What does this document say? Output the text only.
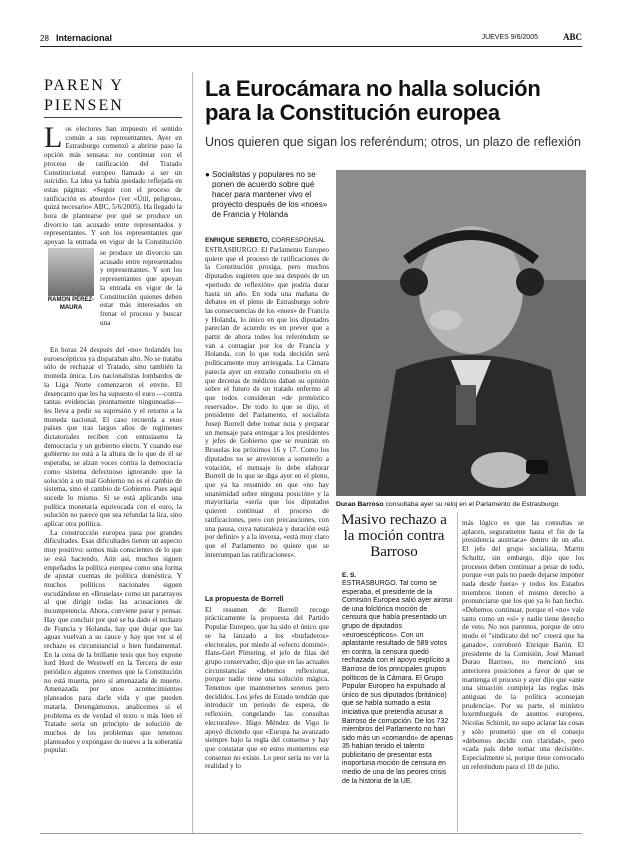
28 Internacional	JUEVES 9/6/2005	ABC
PAREN Y PIENSEN
Los electores han impuesto el sentido común a sus representantes. Ayer en Estrasburgo comenzó a abrirse paso la opción más sensata: no continuar con el proceso de ratificación del Tratado Constitucional europeo llamado a ser un suicidio. La idea ya había quedado reflejada en estas páginas: «Seguir con el proceso de ratificación es absurdo» (ver «Útil, peligroso, quizá necesario» ABC, 5/6/2005). Ha llegado la hora de plantearse por qué se produce un divorcio tan acusado entre representados y representantes. Y son los representantes que apoyan la entrada en vigor de la Constitución
se produce un divorcio tan acusado entre representados y representantes. Y son los representantes que apoyan la entrada en vigor de la Constitución quienes deben estar más interesados en frenar el proceso y buscar una
RAMÓN PÉREZ-MAURA

En horas 24 después del «no» holandés los euroescépticos ya disparaban alto. No se trataba sólo de rechazar el Tratado, sino también la moneda única. Los nacionalistas lombardos de la Liga Norte comenzaron el envite. El desencanto que les ha supuesto el euro —contra tantas evidencias prontamente ninguneadas— les lleva a pedir su supresión y el retorno a la moneda nacional. El caso recuerda a esos países que tras largos años de regímenes dictatoriales reciben con entusiasmo la democracia y un gobierno electo. Y cuando ese gobierno no está a la altura de lo que de él se esperaba, se alzan voces contra la democracia como sistema defectuoso ignorando que la solución a un mal Gobierno no es el cambio de sistema, sino el cambio de Gobierno. Pues aquí sucede lo mismo. Si se está aplicando una política monetaria equivocada con el euro, la solución no parece que sea refundar la lira, sino aplicar otra política.

La construcción europea pasa por grandes dificultades. Esas dificultades tienen un aspecto muy positivo: somos más conscientes de lo que se está haciendo. Aún así, muchos siguen empeñados la política europea como una forma de ajustar cuentas de política doméstica. Y muchos políticos nacionales siguen escudándose en «Bruselas» como un pararrayos al que dirigir todas las acusaciones de incompetencia. Ahora, conviene parar y pensar. Hay que concluir por qué se ha dado el rechazo de Francia y Holanda, hay que dejar que las aguas vuelvan a su cauce y hay que ver si el rechazo es circunstancial o bien fundamental. En la cena de la brillante tesis que hoy expone lord Hurd de Westwell en la Tercera de este periódico algunos creemos que la Constitución no está muerta, pero sí amenazada de muerte. Amenazada por unos acontecimientos planeados para darle vida y que pueden matarla. Detengámonos, analicemos si el problema es de verdad el texto o más bien el Tratado sería un principio de solución de muchos de los problemas que tenemos planteados y expóngase de nuevo a la soberanía popular.

La Eurocámara no halla solución para la Constitución europea
Unos quieren que sigan los referéndum; otros, un plazo de reflexión
● Socialistas y populares no se ponen de acuerdo sobre qué hacer para mantener vivo el proyecto después de los «noes» de Francia y Holanda
ENRIQUE SERBETO, CORRESPONSAL
ESTRASBURGO. El Parlamento Europeo quiere que el proceso de ratificaciones de la Constitución prosiga, pero muchos diputados sugieren que sea después de un «periodo de reflexión» que podría durar hasta un año. En toda una mañana de debates en el pleno de Estrasburgo sobre las consecuencias de los «noes» de Francia y Holanda, lo único en que los diputados parecían de acuerdo es en prever que a partir de ahora todos los referéndum se van a contagiar por los de Francia y Holanda, con lo que toda decisión será políticamente muy arriesgada. La Cámara parecía ayer un extraño consultorio en el que decenas de médicos daban su opinión sobre el futuro de un tratado enfermo al que todos consideran «de pronóstico reservado». De todo lo que se dijo, el presidente del Parlamento, el socialista Josep Borrell debe tomar nota y preparar un mensaje para entregar a los presidentes y jefes de Gobierno que se reunirán en Bruselas los próximos 16 y 17. Como los diputados no se atrevieron a someterlo a votación, el mensaje lo debe elaborar Borrell de lo que se diga ayer en el pleno, que ya ha resumido en que «no hay unanimidad sobre ninguna posición» y la mayoritaria «sería que los diputados quieren continuar el proceso de ratificaciones, pero con precauciones, con una pausa, cuya naturaleza y duración está por definir» y a la inversa, «está muy claro que el Parlamento no quiere que se interrumpan las ratificaciones».
La propuesta de Borrell
El resumen de Borrell recoge prácticamente la propuesta del Partido Popular Europeo, que ha sido el único que se ha lanzado a los «burladeros» electorales, por miedo al «efecto dominó». Hans-Gert Pöttering, el jefe de filas del grupo conservador, dijo que en las actuales circunstancias «debemos reflexionar, porque nadie tiene una solución mágica. Tenemos que mantenernos serenos pero decididos. Los jefes de Estado tendrán que introducir un periodo de espera, de reflexión, congelando las consultas electorales». Iñigo Méndez de Vigo le apoyó diciendo que «Europa ha avanzado siempre bajo la regla del consenso y hay que constatar que en estos momentos ese consenso no existe. Lo peor sería no ver la realidad y lo
Durao Barroso consultaba ayer su reloj en el Parlamento de Estrasburgo
Masivo rechazo a la moción contra Barroso
E. S.
ESTRASBURGO. Tal como se esperaba, el presidente de la Comisión Europea salió ayer airoso de una folclórica moción de censura que había presentado un grupo de diputados «euroescépticos». Con un aplastante resultado de 589 votos en contra, la censura quedó rechazada con el apoyo explícito a Barroso de los principales grupos políticos de la Cámara. El Grupo Popular Europeo ha expulsado al único de sus diputados (británico) que se había sumado a esta iniciativa que pretendía acusar a Barroso de corrupción. De los 732 miembros del Parlamento no han sido más un «comando» de apenas 35 habían tenido el talento publicitario de presentar esta inoportuna moción de censura en medio de una de las peores crisis de la historia de la UE.
más lógico es que las consultas se aplacen, seguramente hasta el fin de la presidencia austriaca» dentro de un año. El jefe del grupo socialista, Martin Schultz, sin embargo, dijo que los procesos deben continuar a pesar de todo, porque «un país no puede dejarse imponer nada desde fuera» y todos los Estados miembros tienen el mismo derecho a pronunciarse que los que ya lo han hecho. «Debemos continuar, porque el «no» vale tanto como un «sí» y nadie tiene derecho de veto. No nos paremos, porque de otro modo el "sindicato del no" creerá que ha ganado», corroboró Enrique Barón. El presidente de la Comisión, José Manuel Durao Barroso, no mencionó sus anteriores posiciones a favor de que se mantenga el proceso y ayer dijo que «ante una situación compleja las reglas más antiguas de la política aconsejan prudencia». Por su parte, el ministro luxemburgués de asuntos europeos, Nicolas Schimit, no supo aclarar las cosas y sólo prometió que en el consejo «debemos decidir con claridad», pero «cada país debe tomar una decisión». Especialmente si, porque tiene convocado un referéndum para el 10 de julio.
